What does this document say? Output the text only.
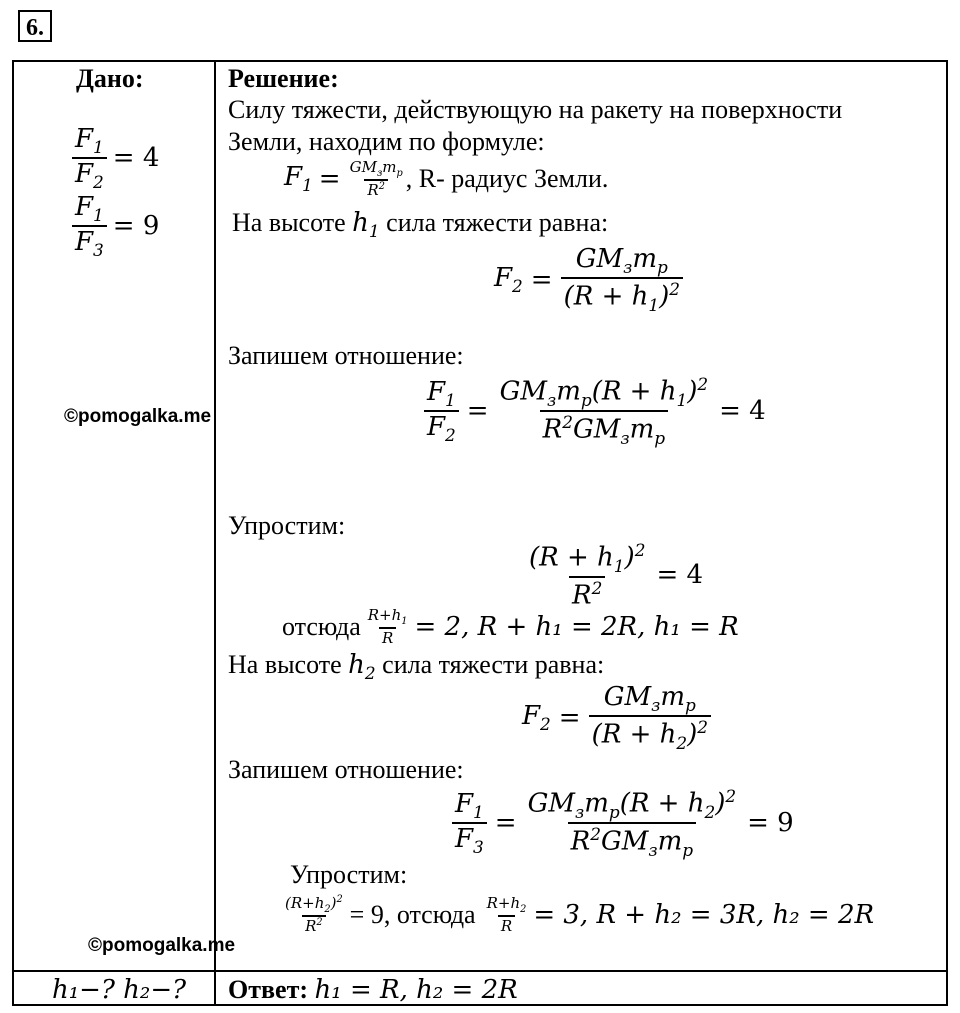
6.
Дано:
$\frac{F_1}{F_2} = 4$
$\frac{F_1}{F_3} = 9$
©pomogalka.me
©pomogalka.me
h₁−? h₂−?
Решение:
Силу тяжести, действующую на ракету на поверхности
Земли, находим по формуле:
$F_1 = \frac{GM_зm_p}{R^2}$ , R- радиус Земли.
На высоте $h_1$ сила тяжести равна:
$F_2 = \frac{GM_зm_p}{(R + h_1)^2}$
Запишем отношение:
$\frac{F_1}{F_2} = \frac{GM_зm_p(R + h_1)^2}{R^2GM_зm_p} = 4$
Упростим:
$\frac{(R + h_1)^2}{R^2} = 4$
отсюда $\frac{R+h_1}{R} = 2$, R + h₁ = 2R, h₁ = R
На высоте $h_2$ сила тяжести равна:
$F_2 = \frac{GM_зm_p}{(R + h_2)^2}$
Запишем отношение:
$\frac{F_1}{F_3} = \frac{GM_зm_p(R + h_2)^2}{R^2GM_зm_p} = 9$
Упростим:
$\frac{(R+h_2)^2}{R^2} = 9$, отсюда $\frac{R+h_2}{R} = 3$, R + h₂ = 3R, h₂ = 2R
Ответ: h₁ = R, h₂ = 2R
